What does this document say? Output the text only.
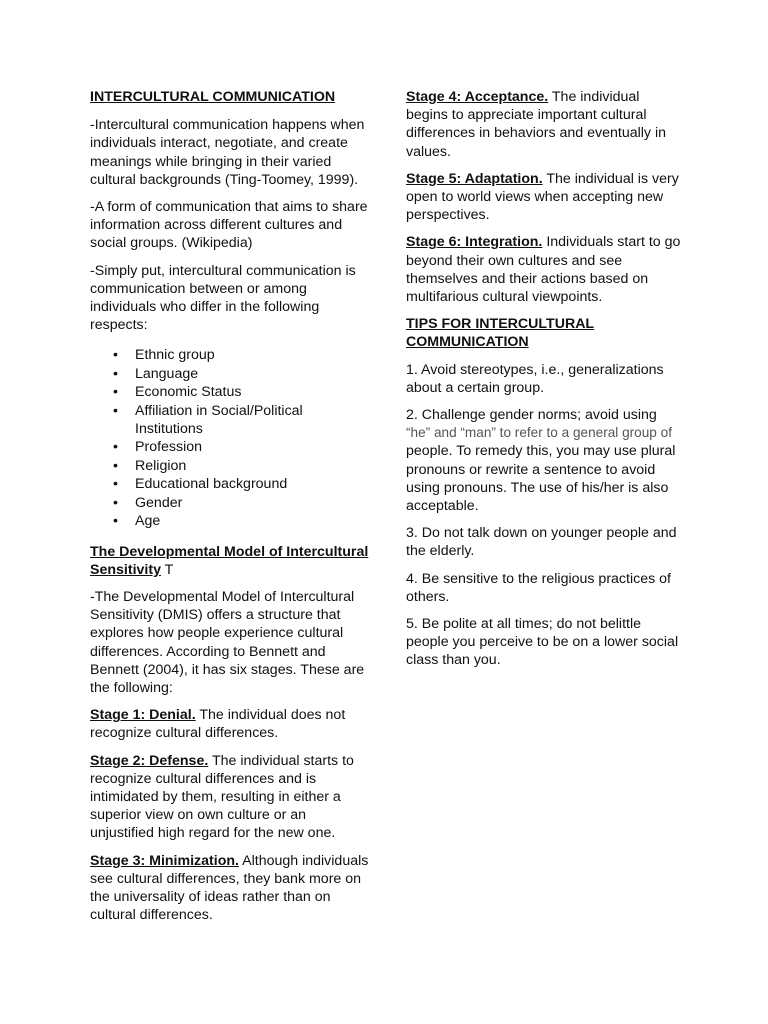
INTERCULTURAL COMMUNICATION

-Intercultural communication happens when individuals interact, negotiate, and create meanings while bringing in their varied cultural backgrounds (Ting-Toomey, 1999).

-A form of communication that aims to share information across different cultures and social groups. (Wikipedia)

-Simply put, intercultural communication is communication between or among individuals who differ in the following respects:

• Ethnic group
• Language
• Economic Status
• Affiliation in Social/Political Institutions
• Profession
• Religion
• Educational background
• Gender
• Age

The Developmental Model of Intercultural Sensitivity T

-The Developmental Model of Intercultural Sensitivity (DMIS) offers a structure that explores how people experience cultural differences. According to Bennett and Bennett (2004), it has six stages. These are the following:

Stage 1: Denial. The individual does not recognize cultural differences.

Stage 2: Defense. The individual starts to recognize cultural differences and is intimidated by them, resulting in either a superior view on own culture or an unjustified high regard for the new one.

Stage 3: Minimization. Although individuals see cultural differences, they bank more on the universality of ideas rather than on cultural differences.

Stage 4: Acceptance. The individual begins to appreciate important cultural differences in behaviors and eventually in values.

Stage 5: Adaptation. The individual is very open to world views when accepting new perspectives.

Stage 6: Integration. Individuals start to go beyond their own cultures and see themselves and their actions based on multifarious cultural viewpoints.

TIPS FOR INTERCULTURAL COMMUNICATION

1. Avoid stereotypes, i.e., generalizations about a certain group.

2. Challenge gender norms; avoid using
“he” and “man” to refer to a general group of
people. To remedy this, you may use plural pronouns or rewrite a sentence to avoid using pronouns. The use of his/her is also acceptable.

3. Do not talk down on younger people and the elderly.

4. Be sensitive to the religious practices of others.

5. Be polite at all times; do not belittle people you perceive to be on a lower social class than you.
